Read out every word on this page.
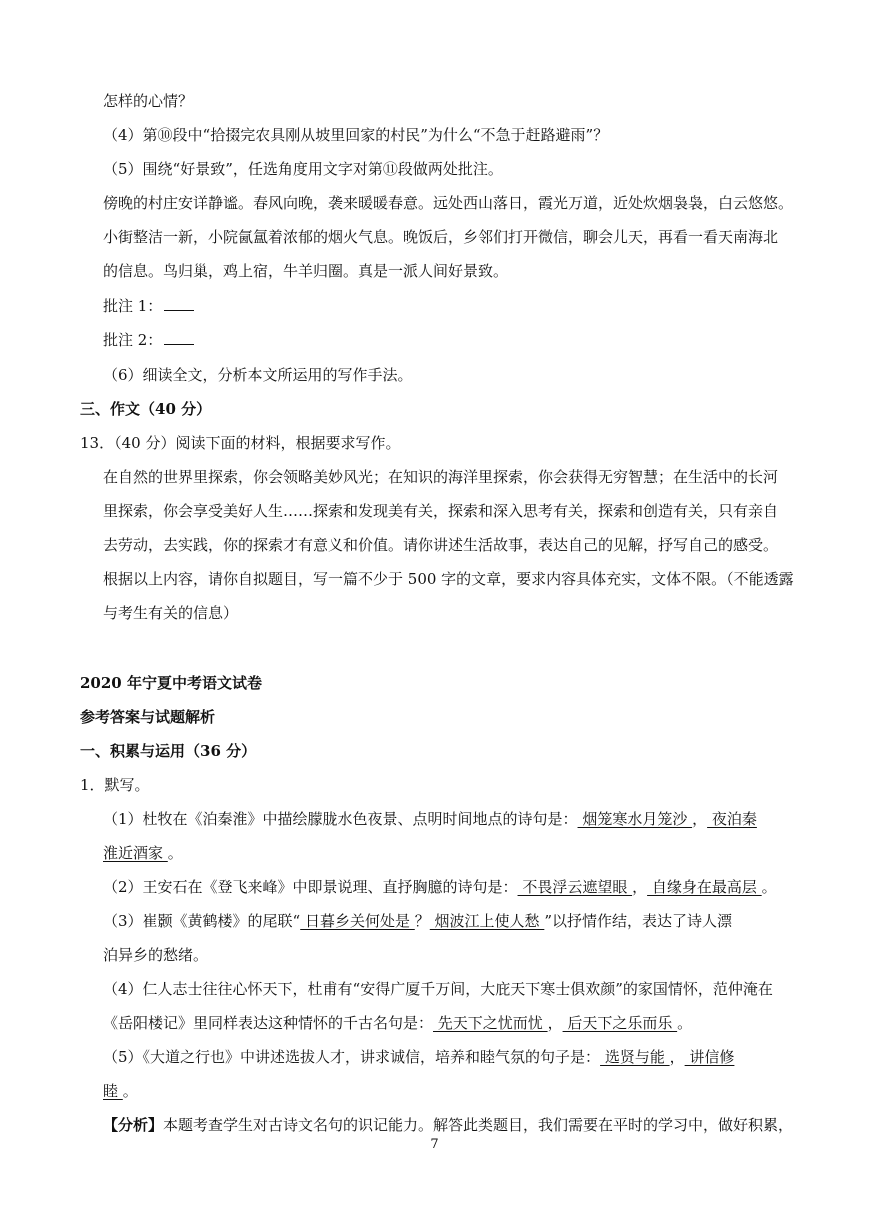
怎样的心情？
（4）第⑩段中“拾掇完农具刚从坡里回家的村民”为什么“不急于赶路避雨”？
（5）围绕“好景致”，任选角度用文字对第⑪段做两处批注。
傍晚的村庄安详静谧。春风向晚，袭来暖暖春意。远处西山落日，霞光万道，近处炊烟袅袅，白云悠悠。
小街整洁一新，小院氤氲着浓郁的烟火气息。晚饭后，乡邻们打开微信，聊会儿天，再看一看天南海北
的信息。鸟归巢，鸡上宿，牛羊归圈。真是一派人间好景致。
批注 1：
批注 2：
（6）细读全文，分析本文所运用的写作手法。
三、作文（40 分）
13．（40 分）阅读下面的材料，根据要求写作。
在自然的世界里探索，你会领略美妙风光；在知识的海洋里探索，你会获得无穷智慧；在生活中的长河
里探索，你会享受美好人生……探索和发现美有关，探索和深入思考有关，探索和创造有关，只有亲自
去劳动，去实践，你的探索才有意义和价值。请你讲述生活故事，表达自己的见解，抒写自己的感受。
根据以上内容，请你自拟题目，写一篇不少于 500 字的文章，要求内容具体充实，文体不限。（不能透露
与考生有关的信息）
2020 年宁夏中考语文试卷
参考答案与试题解析
一、积累与运用（36 分）
1．默写。
（1）杜牧在《泊秦淮》中描绘朦胧水色夜景、点明时间地点的诗句是： 烟笼寒水月笼沙 ， 夜泊秦
淮近酒家 。
（2）王安石在《登飞来峰》中即景说理、直抒胸臆的诗句是： 不畏浮云遮望眼 ， 自缘身在最高层 。
（3）崔颢《黄鹤楼》的尾联“ 日暮乡关何处是 ？ 烟波江上使人愁 ”以抒情作结，表达了诗人漂
泊异乡的愁绪。
（4）仁人志士往往心怀天下，杜甫有“安得广厦千万间，大庇天下寒士俱欢颜”的家国情怀，范仲淹在
《岳阳楼记》里同样表达这种情怀的千古名句是： 先天下之忧而忧 ， 后天下之乐而乐 。
（5）《大道之行也》中讲述选拔人才，讲求诚信，培养和睦气氛的句子是： 选贤与能 ， 讲信修
睦 。
【分析】本题考查学生对古诗文名句的识记能力。解答此类题目，我们需要在平时的学习中，做好积累，
7
